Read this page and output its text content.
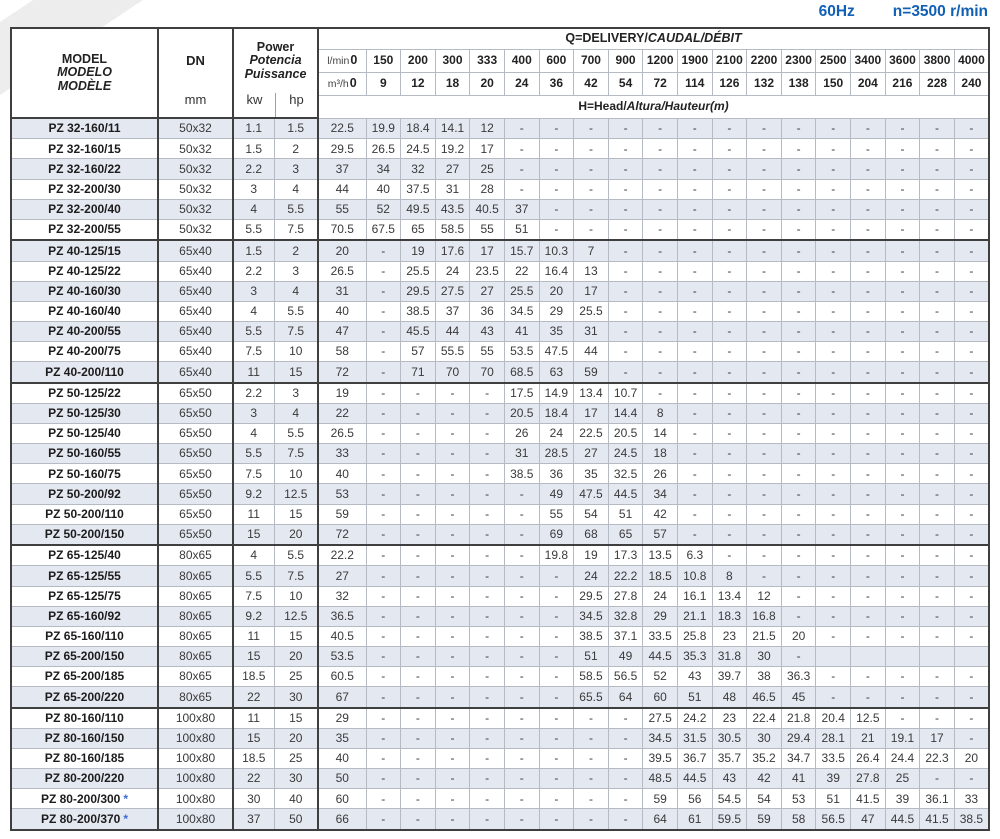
60Hz n=3500 r/min
MODEL
MODELO
MODÈLE

DN
mm

Power
Potencia
Puissance
kw	hp
	Q=DELIVERY/CAUDAL/DÉBIT
				l/min0	150	200	300	333	400	600	700	900	1200	1900	2100	2200	2300	2500	3400	3600	3800	4000
				m³/h0	9	12	18	20	24	36	42	54	72	114	126	132	138	150	204	216	228	240
				H=Head/Altura/Hauteur(m)																		
PZ 32-160/11	50x32	1.1	1.5	22.5	19.9	18.4	14.1	12	-	-	-	-	-	-	-	-	-	-	-	-	-	-
PZ 32-160/15	50x32	1.5	2	29.5	26.5	24.5	19.2	17	-	-	-	-	-	-	-	-	-	-	-	-	-	-
PZ 32-160/22	50x32	2.2	3	37	34	32	27	25	-	-	-	-	-	-	-	-	-	-	-	-	-	-
PZ 32-200/30	50x32	3	4	44	40	37.5	31	28	-	-	-	-	-	-	-	-	-	-	-	-	-	-
PZ 32-200/40	50x32	4	5.5	55	52	49.5	43.5	40.5	37	-	-	-	-	-	-	-	-	-	-	-	-	-
PZ 32-200/55	50x32	5.5	7.5	70.5	67.5	65	58.5	55	51	-	-	-	-	-	-	-	-	-	-	-	-	-
PZ 40-125/15	65x40	1.5	2	20	-	19	17.6	17	15.7	10.3	7	-	-	-	-	-	-	-	-	-	-	-
PZ 40-125/22	65x40	2.2	3	26.5	-	25.5	24	23.5	22	16.4	13	-	-	-	-	-	-	-	-	-	-	-
PZ 40-160/30	65x40	3	4	31	-	29.5	27.5	27	25.5	20	17	-	-	-	-	-	-	-	-	-	-	-
PZ 40-160/40	65x40	4	5.5	40	-	38.5	37	36	34.5	29	25.5	-	-	-	-	-	-	-	-	-	-	-
PZ 40-200/55	65x40	5.5	7.5	47	-	45.5	44	43	41	35	31	-	-	-	-	-	-	-	-	-	-	-
PZ 40-200/75	65x40	7.5	10	58	-	57	55.5	55	53.5	47.5	44	-	-	-	-	-	-	-	-	-	-	-
PZ 40-200/110	65x40	11	15	72	-	71	70	70	68.5	63	59	-	-	-	-	-	-	-	-	-	-	-
PZ 50-125/22	65x50	2.2	3	19	-	-	-	-	17.5	14.9	13.4	10.7	-	-	-	-	-	-	-	-	-	-
PZ 50-125/30	65x50	3	4	22	-	-	-	-	20.5	18.4	17	14.4	8	-	-	-	-	-	-	-	-	-
PZ 50-125/40	65x50	4	5.5	26.5	-	-	-	-	26	24	22.5	20.5	14	-	-	-	-	-	-	-	-	-
PZ 50-160/55	65x50	5.5	7.5	33	-	-	-	-	31	28.5	27	24.5	18	-	-	-	-	-	-	-	-	-
PZ 50-160/75	65x50	7.5	10	40	-	-	-	-	38.5	36	35	32.5	26	-	-	-	-	-	-	-	-	-
PZ 50-200/92	65x50	9.2	12.5	53	-	-	-	-	-	49	47.5	44.5	34	-	-	-	-	-	-	-	-	-
PZ 50-200/110	65x50	11	15	59	-	-	-	-	-	55	54	51	42	-	-	-	-	-	-	-	-	-
PZ 50-200/150	65x50	15	20	72	-	-	-	-	-	69	68	65	57	-	-	-	-	-	-	-	-	-
PZ 65-125/40	80x65	4	5.5	22.2	-	-	-	-	-	19.8	19	17.3	13.5	6.3	-	-	-	-	-	-	-	-
PZ 65-125/55	80x65	5.5	7.5	27	-	-	-	-	-	-	24	22.2	18.5	10.8	8	-	-	-	-	-	-	-
PZ 65-125/75	80x65	7.5	10	32	-	-	-	-	-	-	29.5	27.8	24	16.1	13.4	12	-	-	-	-	-	-
PZ 65-160/92	80x65	9.2	12.5	36.5	-	-	-	-	-	-	34.5	32.8	29	21.1	18.3	16.8	-	-	-	-	-	-
PZ 65-160/110	80x65	11	15	40.5	-	-	-	-	-	-	38.5	37.1	33.5	25.8	23	21.5	20	-	-	-	-	-
PZ 65-200/150	80x65	15	20	53.5	-	-	-	-	-	-	51	49	44.5	35.3	31.8	30	-					
PZ 65-200/185	80x65	18.5	25	60.5	-	-	-	-	-	-	58.5	56.5	52	43	39.7	38	36.3	-	-	-	-	-
PZ 65-200/220	80x65	22	30	67	-	-	-	-	-	-	65.5	64	60	51	48	46.5	45	-	-	-	-	-
PZ 80-160/110	100x80	11	15	29	-	-	-	-	-	-	-	-	27.5	24.2	23	22.4	21.8	20.4	12.5	-	-	-
PZ 80-160/150	100x80	15	20	35	-	-	-	-	-	-	-	-	34.5	31.5	30.5	30	29.4	28.1	21	19.1	17	-
PZ 80-160/185	100x80	18.5	25	40	-	-	-	-	-	-	-	-	39.5	36.7	35.7	35.2	34.7	33.5	26.4	24.4	22.3	20
PZ 80-200/220	100x80	22	30	50	-	-	-	-	-	-	-	-	48.5	44.5	43	42	41	39	27.8	25	-	-
PZ 80-200/300 *	100x80	30	40	60	-	-	-	-	-	-	-	-	59	56	54.5	54	53	51	41.5	39	36.1	33
PZ 80-200/370 *	100x80	37	50	66	-	-	-	-	-	-	-	-	64	61	59.5	59	58	56.5	47	44.5	41.5	38.5
